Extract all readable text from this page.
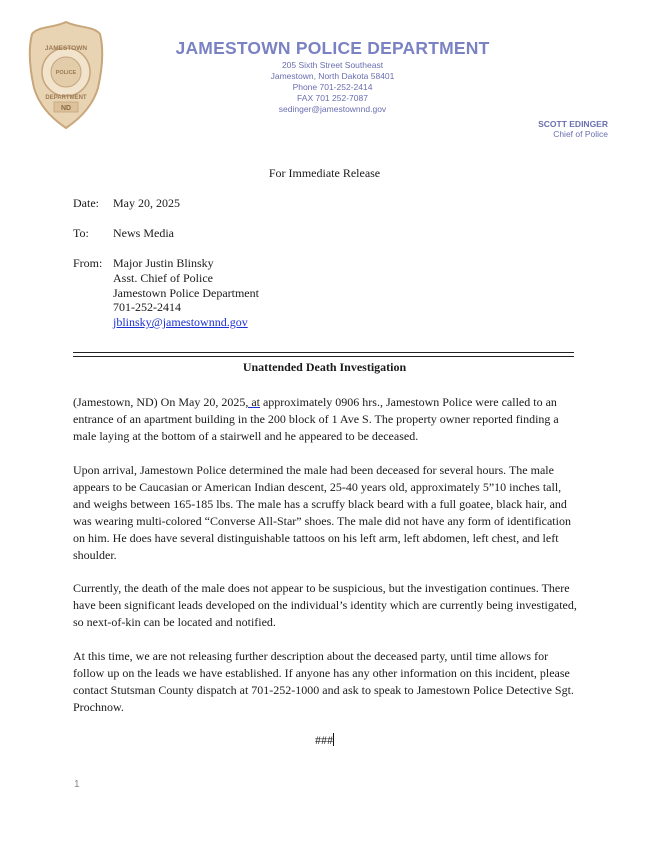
JAMESTOWN
POLICE
DEPARTMENT
ND
JAMESTOWN POLICE DEPARTMENT
205 Sixth Street Southeast
Jamestown, North Dakota 58401
Phone 701-252-2414
FAX 701 252-7087
sedinger@jamestownnd.gov
SCOTT EDINGER
Chief of Police
For Immediate Release
Date: May 20, 2025
To: News Media
From: Major Justin Blinsky
Asst. Chief of Police
Jamestown Police Department
701-252-2414
jblinsky@jamestownnd.gov
Unattended Death Investigation
(Jamestown, ND) On May 20, 2025, at approximately 0906 hrs., Jamestown Police were called to an entrance of an apartment building in the 200 block of 1 Ave S. The property owner reported finding a male laying at the bottom of a stairwell and he appeared to be deceased.
Upon arrival, Jamestown Police determined the male had been deceased for several hours. The male appears to be Caucasian or American Indian descent, 25-40 years old, approximately 5”10 inches tall, and weighs between 165-185 lbs. The male has a scruffy black beard with a full goatee, black hair, and was wearing multi-colored “Converse All-Star” shoes. The male did not have any form of identification on him. He does have several distinguishable tattoos on his left arm, left abdomen, left chest, and left shoulder.
Currently, the death of the male does not appear to be suspicious, but the investigation continues. There have been significant leads developed on the individual’s identity which are currently being investigated, so next-of-kin can be located and notified.
At this time, we are not releasing further description about the deceased party, until time allows for follow up on the leads we have established. If anyone has any other information on this incident, please contact Stutsman County dispatch at 701-252-1000 and ask to speak to Jamestown Police Detective Sgt. Prochnow.
###
1
